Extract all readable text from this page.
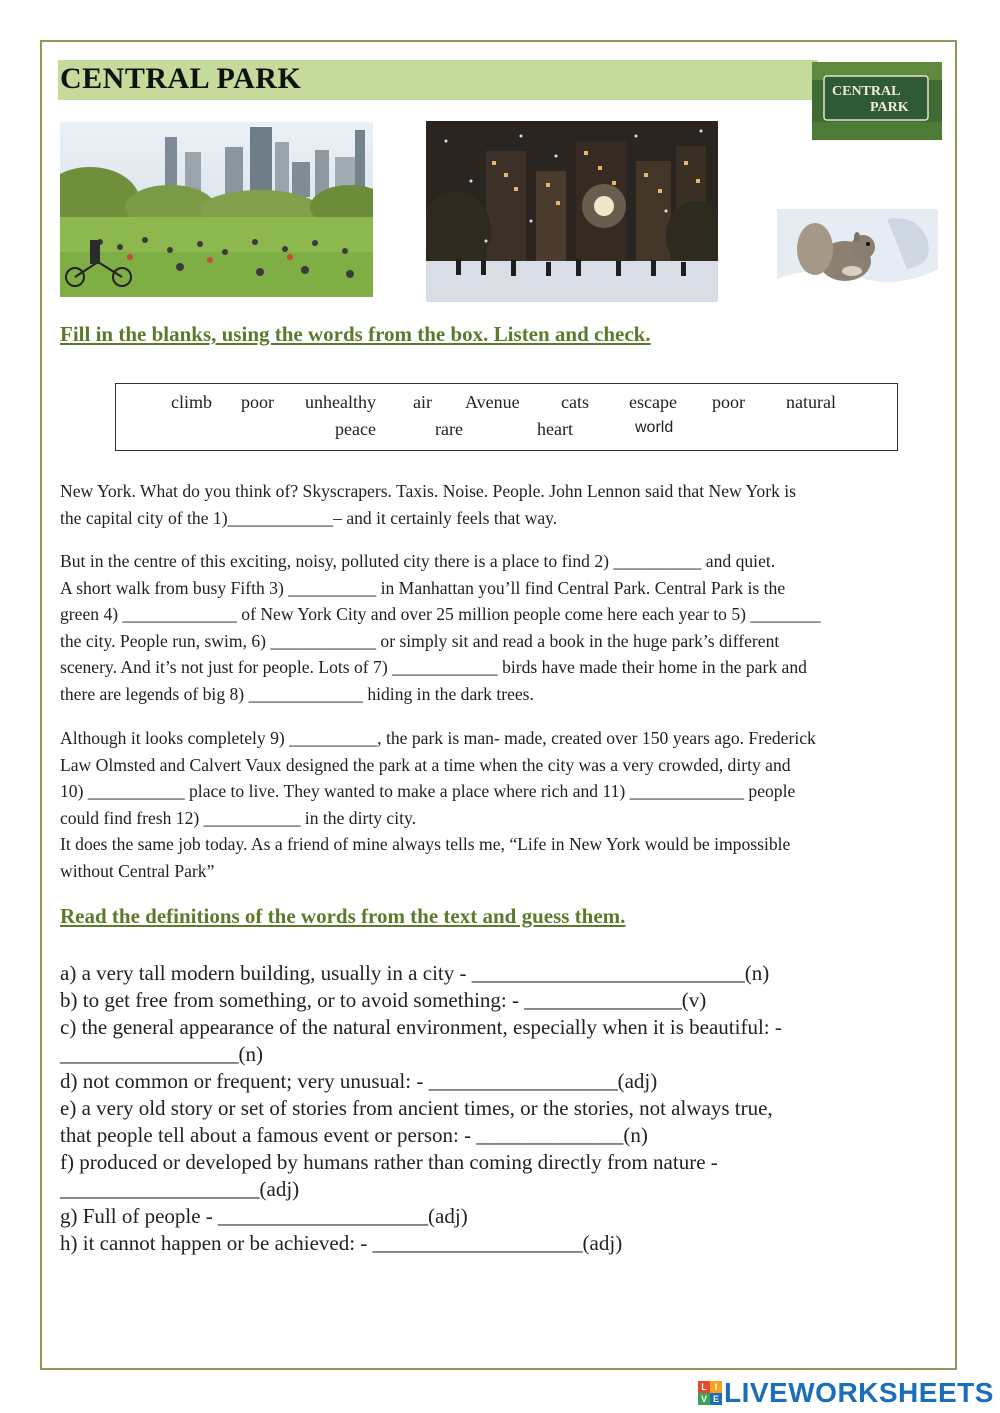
CENTRAL PARK	CENTRAL
PARK
Fill in the blanks, using the words from the box. Listen and check.
climb poor unhealthy air Avenue cats escape poor natural
peace	rare	heart	world
New York. What do you think of? Skyscrapers. Taxis. Noise. People. John Lennon said that New York is
the capital city of the 1)____________– and it certainly feels that way.
But in the centre of this exciting, noisy, polluted city there is a place to find 2) __________ and quiet.
A short walk from busy Fifth 3) __________ in Manhattan you’ll find Central Park. Central Park is the
green 4) _____________ of New York City and over 25 million people come here each year to 5) ________
the city. People run, swim, 6) ____________ or simply sit and read a book in the huge park’s different
scenery. And it’s not just for people. Lots of 7) ____________ birds have made their home in the park and
there are legends of big 8) _____________ hiding in the dark trees.
Although it looks completely 9) __________, the park is man- made, created over 150 years ago. Frederick
Law Olmsted and Calvert Vaux designed the park at a time when the city was a very crowded, dirty and
10) ___________ place to live. They wanted to make a place where rich and 11) _____________ people
could find fresh 12) ___________ in the dirty city.
It does the same job today. As a friend of mine always tells me, “Life in New York would be impossible
without Central Park”
Read the definitions of the words from the text and guess them.
a) a very tall modern building, usually in a city - __________________________(n)
b) to get free from something, or to avoid something: - _______________(v)
c) the general appearance of the natural environment, especially when it is beautiful: -
_________________(n)
d) not common or frequent; very unusual: - __________________(adj)
e) a very old story or set of stories from ancient times, or the stories, not always true,
that people tell about a famous event or person: - ______________(n)
f) produced or developed by humans rather than coming directly from nature -
___________________(adj)
g) Full of people - ____________________(adj)
h) it cannot happen or be achieved: - ____________________(adj)
L I
V E LIVEWORKSHEETS
